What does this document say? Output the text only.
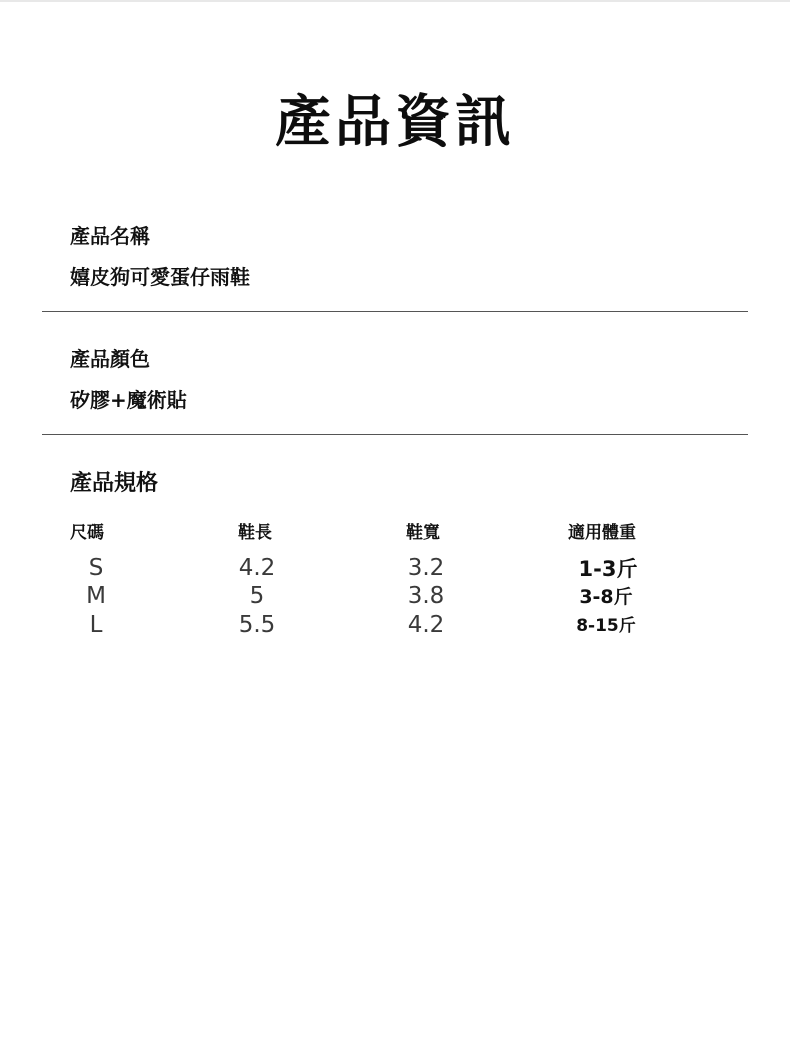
產品資訊
產品名稱
嬉皮狗可愛蛋仔雨鞋
產品顏色
矽膠+魔術貼
產品規格
尺碼	鞋長	鞋寬	適用體重
S	4.2	3.2	1-3斤
M	5	3.8	3-8斤
L	5.5	4.2	8-15斤
